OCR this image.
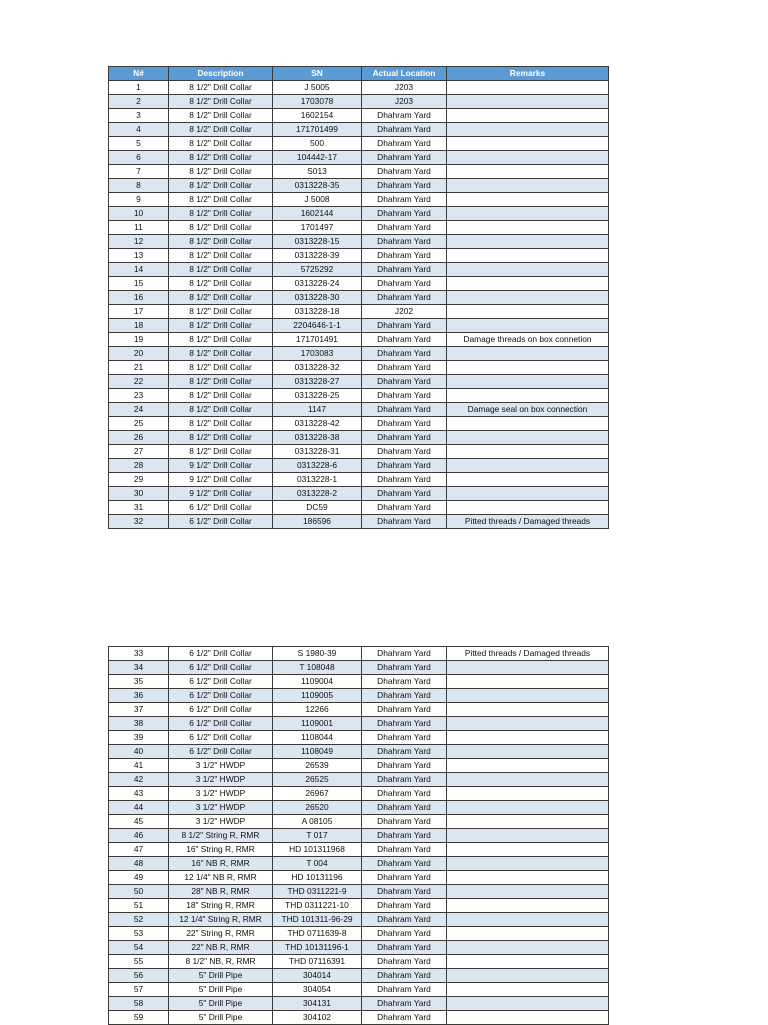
N#	Description	SN	Actual Location	Remarks
1	8 1/2" Drill Collar	J 5005	J203	
2	8 1/2" Drill Collar	1703078	J203	
3	8 1/2" Drill Collar	1602154	Dhahram Yard	
4	8 1/2" Drill Collar	171701499	Dhahram Yard	
5	8 1/2" Drill Collar	500	Dhahram Yard	
6	8 1/2" Drill Collar	104442-17	Dhahram Yard	
7	8 1/2" Drill Collar	S013	Dhahram Yard	
8	8 1/2" Drill Collar	0313228-35	Dhahram Yard	
9	8 1/2" Drill Collar	J 5008	Dhahram Yard	
10	8 1/2" Drill Collar	1602144	Dhahram Yard	
11	8 1/2" Drill Collar	1701497	Dhahram Yard	
12	8 1/2" Drill Collar	0313228-15	Dhahram Yard	
13	8 1/2" Drill Collar	0313228-39	Dhahram Yard	
14	8 1/2" Drill Collar	5725292	Dhahram Yard	
15	8 1/2" Drill Collar	0313228-24	Dhahram Yard	
16	8 1/2" Drill Collar	0313228-30	Dhahram Yard	
17	8 1/2" Drill Collar	0313228-18	J202	
18	8 1/2" Drill Collar	2204646-1-1	Dhahram Yard	
19	8 1/2" Drill Collar	171701491	Dhahram Yard	Damage threads on box connetion
20	8 1/2" Drill Collar	1703083	Dhahram Yard	
21	8 1/2" Drill Collar	0313228-32	Dhahram Yard	
22	8 1/2" Drill Collar	0313228-27	Dhahram Yard	
23	8 1/2" Drill Collar	0313228-25	Dhahram Yard	
24	8 1/2" Drill Collar	1147	Dhahram Yard	Damage seal on box connection
25	8 1/2" Drill Collar	0313228-42	Dhahram Yard	
26	8 1/2" Drill Collar	0313228-38	Dhahram Yard	
27	8 1/2" Drill Collar	0313228-31	Dhahram Yard	
28	9 1/2" Drill Collar	0313228-6	Dhahram Yard	
29	9 1/2" Drill Collar	0313228-1	Dhahram Yard	
30	9 1/2" Drill Collar	0313228-2	Dhahram Yard	
31	6 1/2" Drill Collar	DC59	Dhahram Yard	
32	6 1/2" Drill Collar	186596	Dhahram Yard	Pitted threads / Damaged threads
33	6 1/2" Drill Collar	S 1980-39	Dhahram Yard	Pitted threads / Damaged threads
34	6 1/2" Drill Collar	T 108048	Dhahram Yard	
35	6 1/2" Drill Collar	1109004	Dhahram Yard	
36	6 1/2" Drill Collar	1109005	Dhahram Yard	
37	6 1/2" Drill Collar	12266	Dhahram Yard	
38	6 1/2" Drill Collar	1109001	Dhahram Yard	
39	6 1/2" Drill Collar	1108044	Dhahram Yard	
40	6 1/2" Drill Collar	1108049	Dhahram Yard	
41	3 1/2" HWDP	26539	Dhahram Yard	
42	3 1/2" HWDP	26525	Dhahram Yard	
43	3 1/2" HWDP	26967	Dhahram Yard	
44	3 1/2" HWDP	26520	Dhahram Yard	
45	3 1/2" HWDP	A 08105	Dhahram Yard	
46	8 1/2" String R, RMR	T 017	Dhahram Yard	
47	16" String R, RMR	HD 101311968	Dhahram Yard	
48	16" NB R, RMR	T 004	Dhahram Yard	
49	12 1/4" NB R, RMR	HD 10131196	Dhahram Yard	
50	28" NB R, RMR	THD 0311221-9	Dhahram Yard	
51	18" String R, RMR	THD 0311221-10	Dhahram Yard	
52	12 1/4" String R, RMR	THD 101311-96-29	Dhahram Yard	
53	22" String R, RMR	THD 0711639-8	Dhahram Yard	
54	22" NB R, RMR	THD 10131196-1	Dhahram Yard	
55	8 1/2" NB, R, RMR	THD 07116391	Dhahram Yard	
56	5" Drill Pipe	304014	Dhahram Yard	
57	5" Drill Pipe	304054	Dhahram Yard	
58	5" Drill Pipe	304131	Dhahram Yard	
59	5" Drill Pipe	304102	Dhahram Yard	
